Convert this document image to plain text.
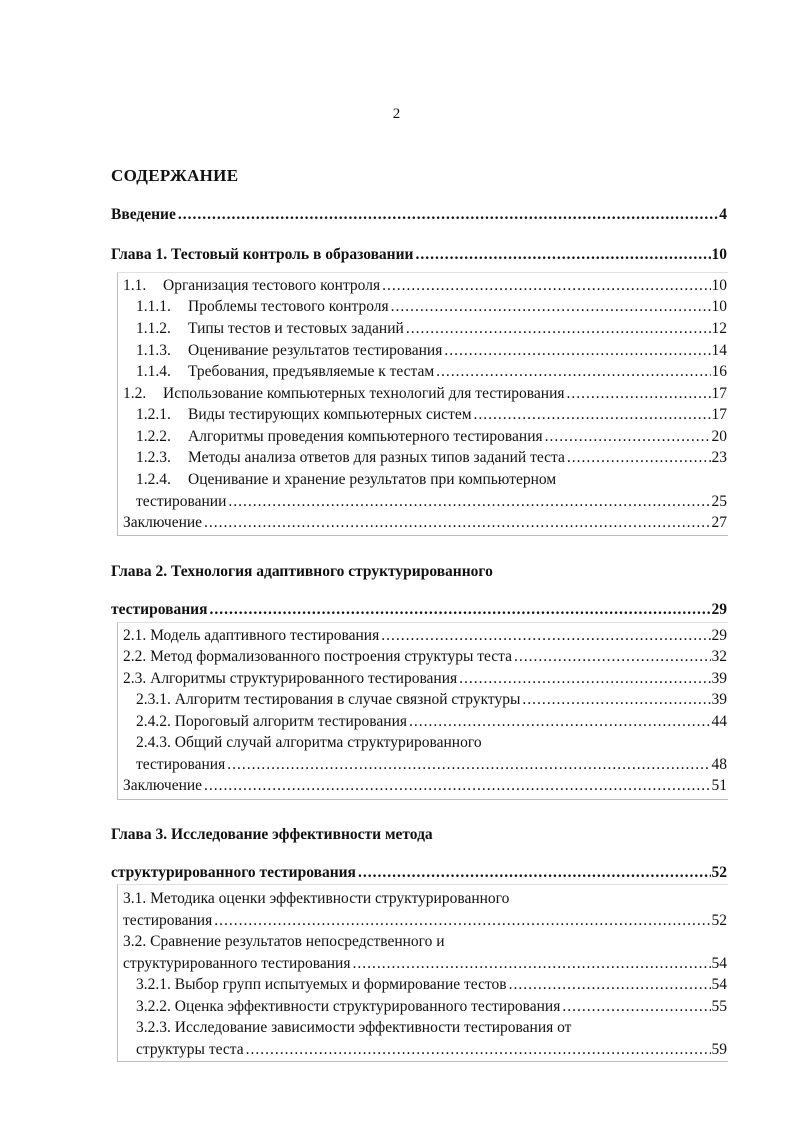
2
СОДЕРЖАНИЕ
Введение	4
.....
Глава 1. Тестовый контроль в образовании	10
.....
1.1. Организация тестового контроля	10
.....
1.1.1. Проблемы тестового контроля	10
.....
1.1.2. Типы тестов и тестовых заданий	12
.....
1.1.3. Оценивание результатов тестирования	14
.....
1.1.4. Требования, предъявляемые к тестам	16
.....
1.2. Использование компьютерных технологий для тестирования	17
.....
1.2.1. Виды тестирующих компьютерных систем	17
.....
1.2.2. Алгоритмы проведения компьютерного тестирования	20
.....
1.2.3. Методы анализа ответов для разных типов заданий теста	23
.....
1.2.4. Оценивание и хранение результатов при компьютерном
тестировании	25
.....
Заключение	27
.....
Глава 2. Технология адаптивного структурированного
тестирования	29
.....
2.1. Модель адаптивного тестирования	29
.....
2.2. Метод формализованного построения структуры теста	32
.....
2.3. Алгоритмы структурированного тестирования	39
.....
2.3.1. Алгоритм тестирования в случае связной структуры	39
.....
2.4.2. Пороговый алгоритм тестирования	44
.....
2.4.3. Общий случай алгоритма структурированного
тестирования	48
.....
Заключение	51
.....
Глава 3. Исследование эффективности метода
структурированного тестирования	52
.....
3.1. Методика оценки эффективности структурированного
тестирования	52
.....
3.2. Сравнение результатов непосредственного и
структурированного тестирования	54
.....
3.2.1. Выбор групп испытуемых и формирование тестов	54
.....
3.2.2. Оценка эффективности структурированного тестирования	55
.....
3.2.3. Исследование зависимости эффективности тестирования от
структуры теста	59
.....
